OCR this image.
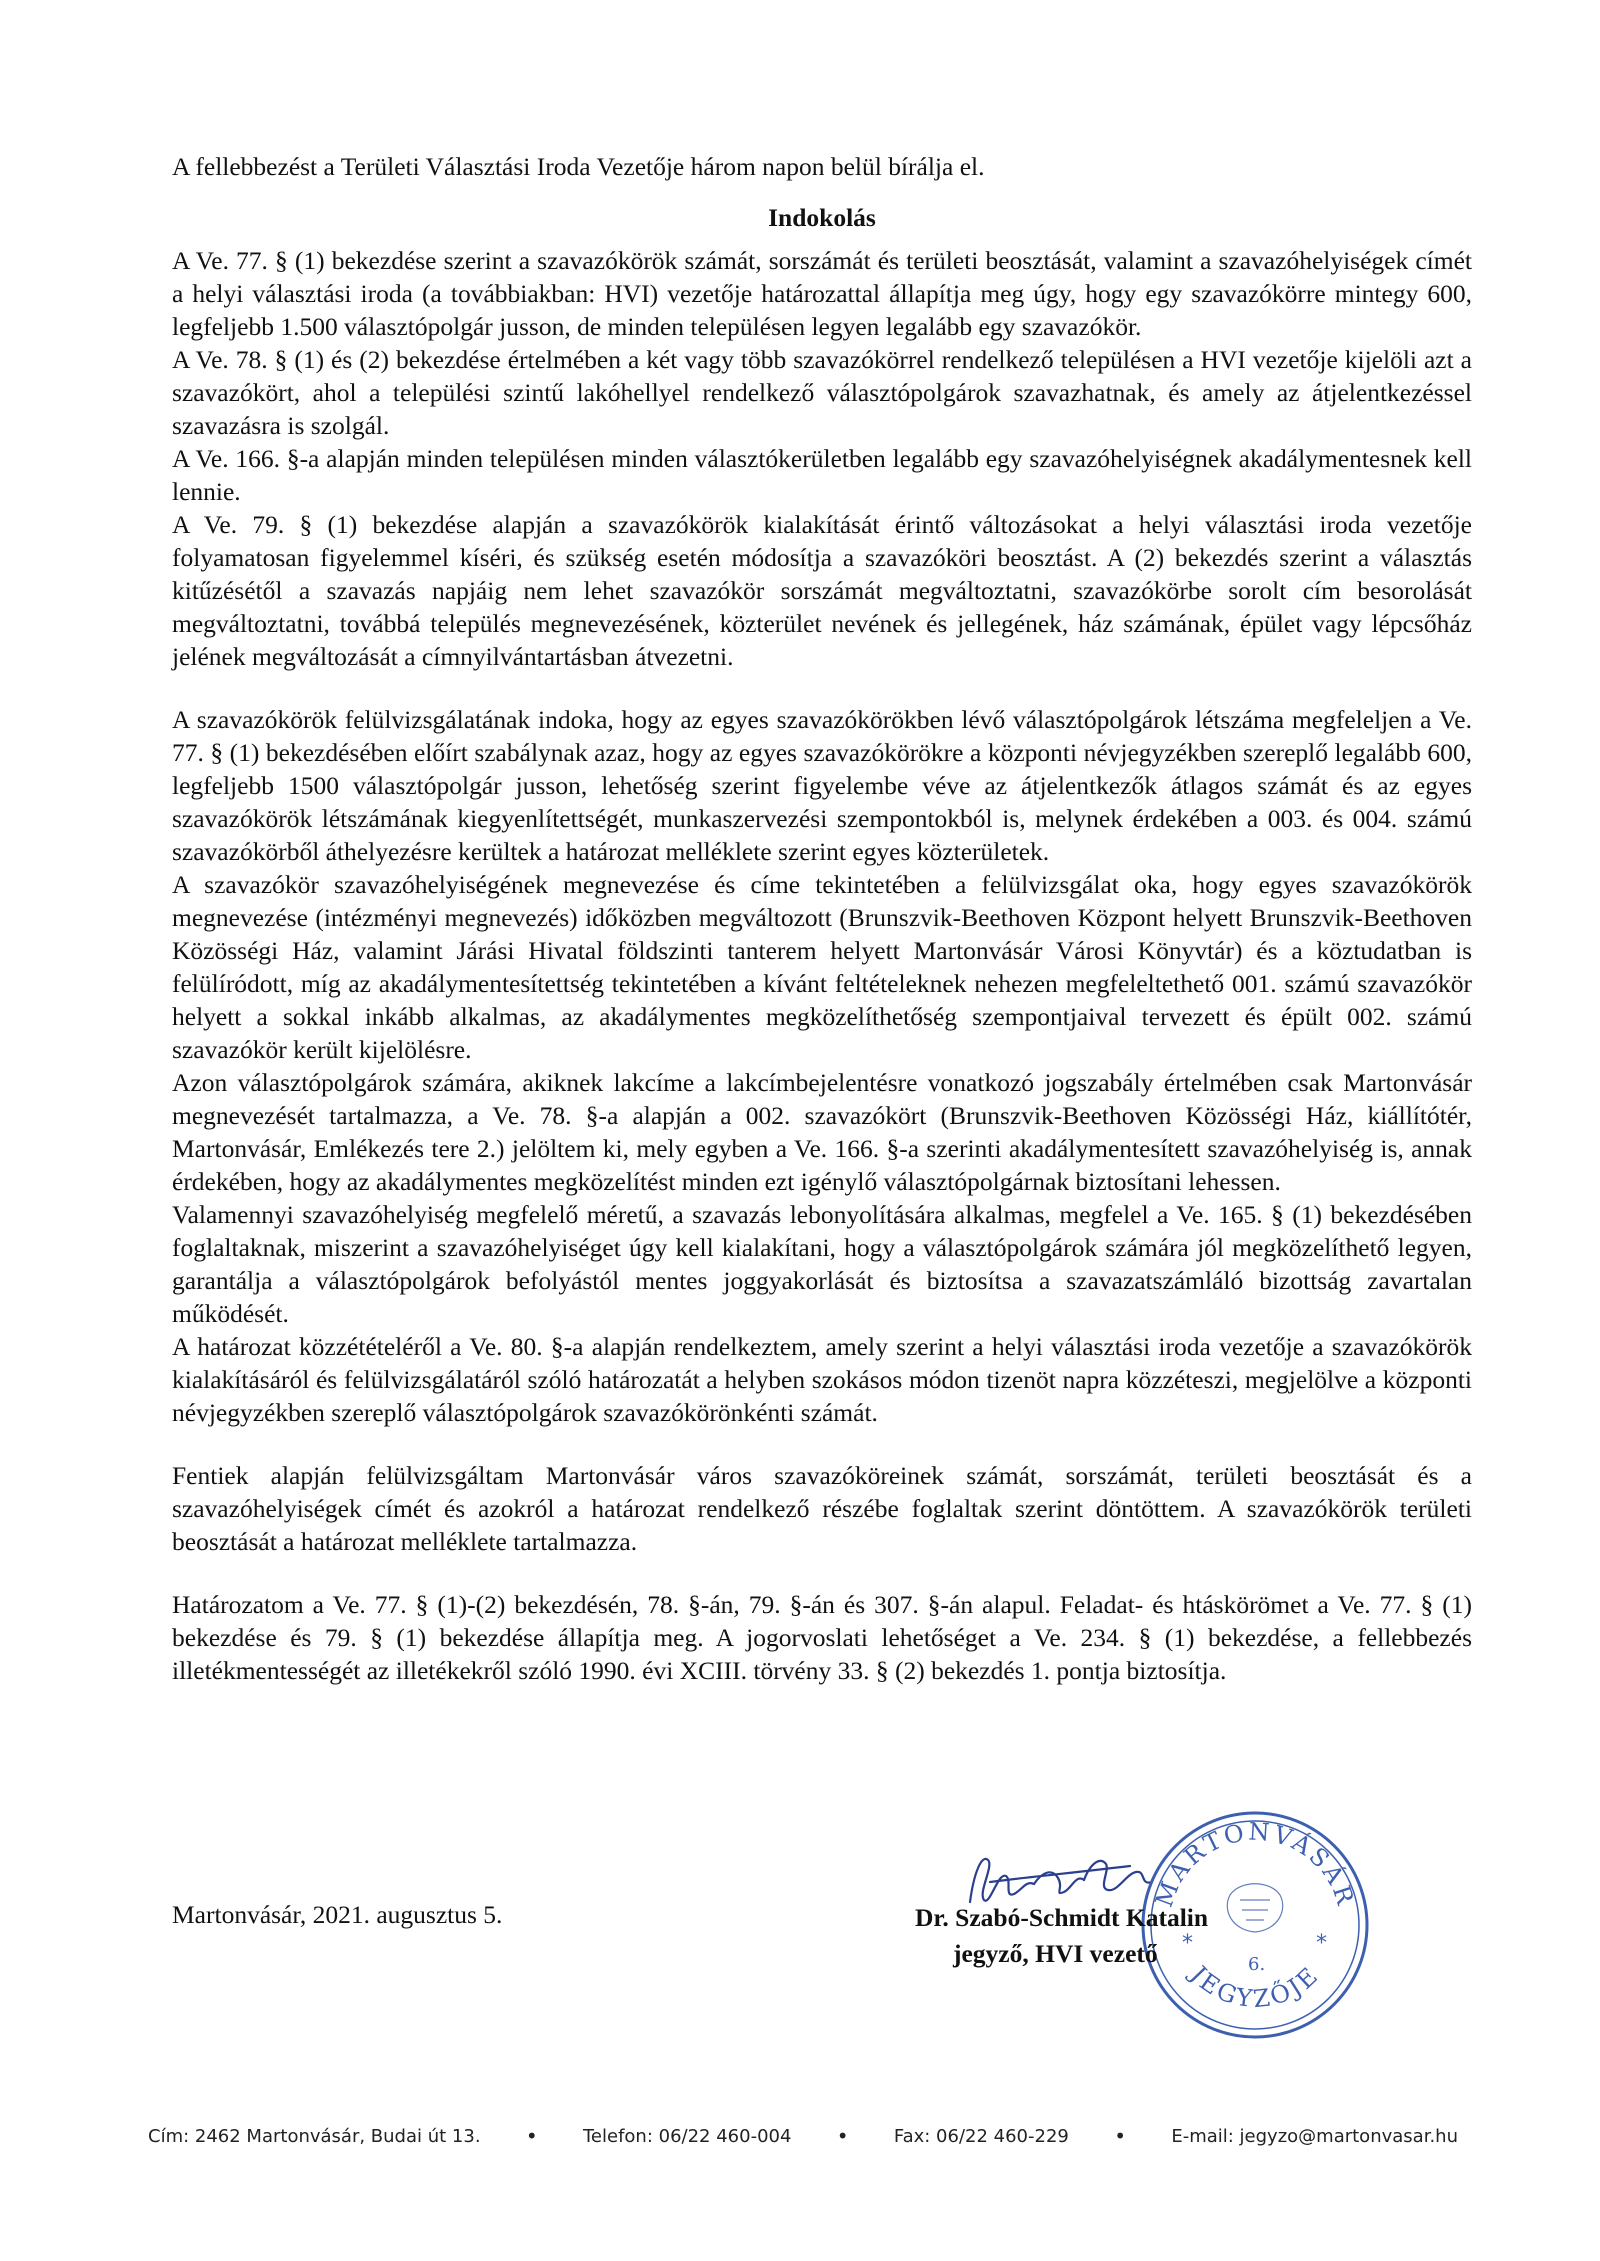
A fellebbezést a Területi Választási Iroda Vezetője három napon belül bírálja el.

Indokolás

A Ve. 77. § (1) bekezdése szerint a szavazókörök számát, sorszámát és területi beosztását, valamint a szavazóhelyiségek címét a helyi választási iroda (a továbbiakban: HVI) vezetője határozattal állapítja meg úgy, hogy egy szavazókörre mintegy 600, legfeljebb 1.500 választópolgár jusson, de minden településen legyen legalább egy szavazókör.

A Ve. 78. § (1) és (2) bekezdése értelmében a két vagy több szavazókörrel rendelkező településen a HVI vezetője kijelöli azt a szavazókört, ahol a települési szintű lakóhellyel rendelkező választópolgárok szavazhatnak, és amely az átjelentkezéssel szavazásra is szolgál.

A Ve. 166. §-a alapján minden településen minden választókerületben legalább egy szavazóhelyiségnek akadálymentesnek kell lennie.

A Ve. 79. § (1) bekezdése alapján a szavazókörök kialakítását érintő változásokat a helyi választási iroda vezetője folyamatosan figyelemmel kíséri, és szükség esetén módosítja a szavazóköri beosztást. A (2) bekezdés szerint a választás kitűzésétől a szavazás napjáig nem lehet szavazókör sorszámát megváltoztatni, szavazókörbe sorolt cím besorolását megváltoztatni, továbbá település megnevezésének, közterület nevének és jellegének, ház számának, épület vagy lépcsőház jelének megváltozását a címnyilvántartásban átvezetni.

A szavazókörök felülvizsgálatának indoka, hogy az egyes szavazókörökben lévő választópolgárok létszáma megfeleljen a Ve. 77. § (1) bekezdésében előírt szabálynak azaz, hogy az egyes szavazókörökre a központi névjegyzékben szereplő legalább 600, legfeljebb 1500 választópolgár jusson, lehetőség szerint figyelembe véve az átjelentkezők átlagos számát és az egyes szavazókörök létszámának kiegyenlítettségét, munkaszervezési szempontokból is, melynek érdekében a 003. és 004. számú szavazókörből áthelyezésre kerültek a határozat melléklete szerint egyes közterületek.

A szavazókör szavazóhelyiségének megnevezése és címe tekintetében a felülvizsgálat oka, hogy egyes szavazókörök megnevezése (intézményi megnevezés) időközben megváltozott (Brunszvik-Beethoven Központ helyett Brunszvik-Beethoven Közösségi Ház, valamint Járási Hivatal földszinti tanterem helyett Martonvásár Városi Könyvtár) és a köztudatban is felülíródott, míg az akadálymentesítettség tekintetében a kívánt feltételeknek nehezen megfeleltethető 001. számú szavazókör helyett a sokkal inkább alkalmas, az akadálymentes megközelíthetőség szempontjaival tervezett és épült 002. számú szavazókör került kijelölésre.

Azon választópolgárok számára, akiknek lakcíme a lakcímbejelentésre vonatkozó jogszabály értelmében csak Martonvásár megnevezését tartalmazza, a Ve. 78. §-a alapján a 002. szavazókört (Brunszvik-Beethoven Közösségi Ház, kiállítótér, Martonvásár, Emlékezés tere 2.) jelöltem ki, mely egyben a Ve. 166. §-a szerinti akadálymentesített szavazóhelyiség is, annak érdekében, hogy az akadálymentes megközelítést minden ezt igénylő választópolgárnak biztosítani lehessen.

Valamennyi szavazóhelyiség megfelelő méretű, a szavazás lebonyolítására alkalmas, megfelel a Ve. 165. § (1) bekezdésében foglaltaknak, miszerint a szavazóhelyiséget úgy kell kialakítani, hogy a választópolgárok számára jól megközelíthető legyen, garantálja a választópolgárok befolyástól mentes joggyakorlását és biztosítsa a szavazatszámláló bizottság zavartalan működését.

A határozat közzétételéről a Ve. 80. §-a alapján rendelkeztem, amely szerint a helyi választási iroda vezetője a szavazókörök kialakításáról és felülvizsgálatáról szóló határozatát a helyben szokásos módon tizenöt napra közzéteszi, megjelölve a központi névjegyzékben szereplő választópolgárok szavazókörönkénti számát.

Fentiek alapján felülvizsgáltam Martonvásár város szavazóköreinek számát, sorszámát, területi beosztását és a szavazóhelyiségek címét és azokról a határozat rendelkező részébe foglaltak szerint döntöttem. A szavazókörök területi beosztását a határozat melléklete tartalmazza.

Határozatom a Ve. 77. § (1)-(2) bekezdésén, 78. §-án, 79. §-án és 307. §-án alapul. Feladat- és htáskörömet a Ve. 77. § (1) bekezdése és 79. § (1) bekezdése állapítja meg. A jogorvoslati lehetőséget a Ve. 234. § (1) bekezdése, a fellebbezés illetékmentességét az illetékekről szóló 1990. évi XCIII. törvény 33. § (2) bekezdés 1. pontja biztosítja.

Martonvásár, 2021. augusztus 5.
MARTONVÁSÁR
JEGYZŐJE
*	*
6.
Dr. Szabó-Schmidt Katalin
jegyző, HVI vezető
Cím: 2462 Martonvásár, Budai út 13. •	Telefon: 06/22 460-004 •	Fax: 06/22 460-229 •	E-mail: jegyzo@martonvasar.hu
